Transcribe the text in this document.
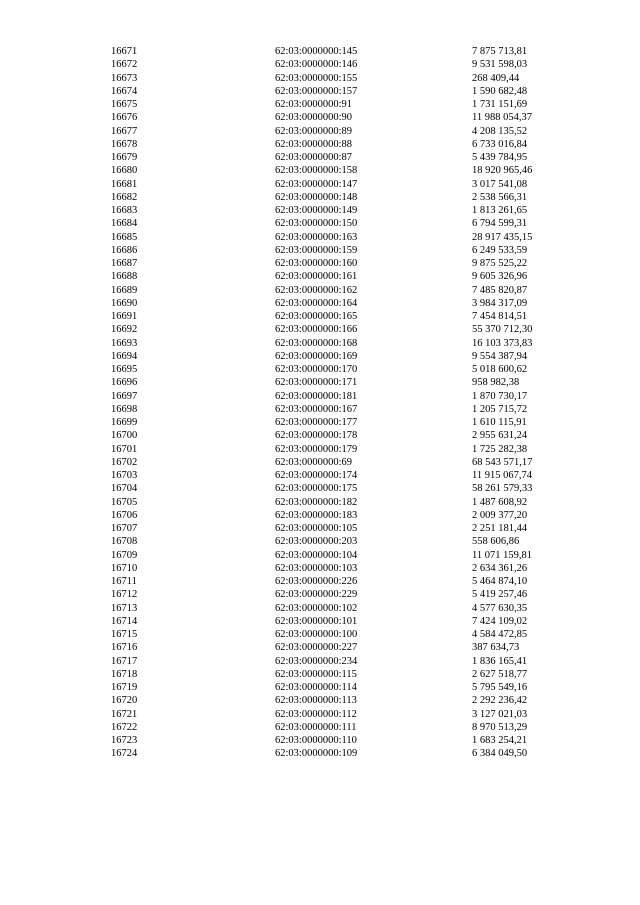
16671	62:03:0000000:145	7 875 713,81
16672	62:03:0000000:146	9 531 598,03
16673	62:03:0000000:155	268 409,44
16674	62:03:0000000:157	1 590 682,48
16675	62:03:0000000:91	1 731 151,69
16676	62:03:0000000:90	11 988 054,37
16677	62:03:0000000:89	4 208 135,52
16678	62:03:0000000:88	6 733 016,84
16679	62:03:0000000:87	5 439 784,95
16680	62:03:0000000:158	18 920 965,46
16681	62:03:0000000:147	3 017 541,08
16682	62:03:0000000:148	2 538 566,31
16683	62:03:0000000:149	1 813 261,65
16684	62:03:0000000:150	6 794 599,31
16685	62:03:0000000:163	28 917 435,15
16686	62:03:0000000:159	6 249 533,59
16687	62:03:0000000:160	9 875 525,22
16688	62:03:0000000:161	9 605 326,96
16689	62:03:0000000:162	7 485 820,87
16690	62:03:0000000:164	3 984 317,09
16691	62:03:0000000:165	7 454 814,51
16692	62:03:0000000:166	55 370 712,30
16693	62:03:0000000:168	16 103 373,83
16694	62:03:0000000:169	9 554 387,94
16695	62:03:0000000:170	5 018 600,62
16696	62:03:0000000:171	958 982,38
16697	62:03:0000000:181	1 870 730,17
16698	62:03:0000000:167	1 205 715,72
16699	62:03:0000000:177	1 610 115,91
16700	62:03:0000000:178	2 955 631,24
16701	62:03:0000000:179	1 725 282,38
16702	62:03:0000000:69	68 543 571,17
16703	62:03:0000000:174	11 915 067,74
16704	62:03:0000000:175	58 261 579,33
16705	62:03:0000000:182	1 487 608,92
16706	62:03:0000000:183	2 009 377,20
16707	62:03:0000000:105	2 251 181,44
16708	62:03:0000000:203	558 606,86
16709	62:03:0000000:104	11 071 159,81
16710	62:03:0000000:103	2 634 361,26
16711	62:03:0000000:226	5 464 874,10
16712	62:03:0000000:229	5 419 257,46
16713	62:03:0000000:102	4 577 630,35
16714	62:03:0000000:101	7 424 109,02
16715	62:03:0000000:100	4 584 472,85
16716	62:03:0000000:227	387 634,73
16717	62:03:0000000:234	1 836 165,41
16718	62:03:0000000:115	2 627 518,77
16719	62:03:0000000:114	5 795 549,16
16720	62:03:0000000:113	2 292 236,42
16721	62:03:0000000:112	3 127 021,03
16722	62:03:0000000:111	8 970 513,29
16723	62:03:0000000:110	1 683 254,21
16724	62:03:0000000:109	6 384 049,50
